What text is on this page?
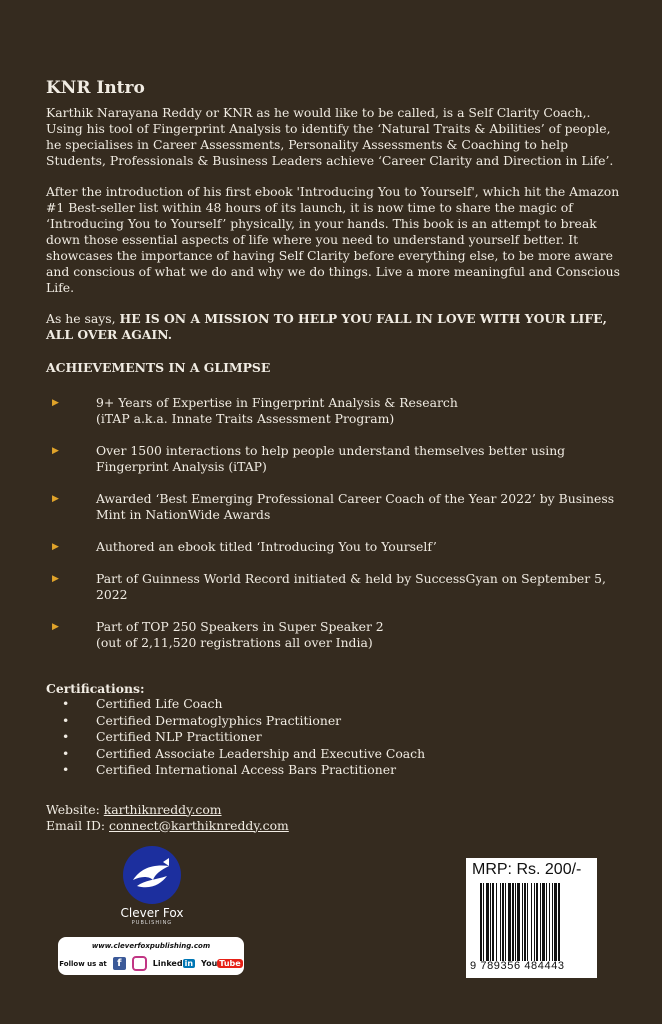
KNR Intro

Karthik Narayana Reddy or KNR as he would like to be called, is a Self Clarity Coach,. Using his tool of Fingerprint Analysis to identify the ‘Natural Traits & Abilities’ of people, he specialises in Career Assessments, Personality Assessments & Coaching to help Students, Professionals & Business Leaders achieve ‘Career Clarity and Direction in Life’.

After the introduction of his first ebook 'Introducing You to Yourself', which hit the Amazon #1 Best-seller list within 48 hours of its launch, it is now time to share the magic of ‘Introducing You to Yourself’ physically, in your hands. This book is an attempt to break down those essential aspects of life where you need to understand yourself better. It showcases the importance of having Self Clarity before everything else, to be more aware and conscious of what we do and why we do things. Live a more meaningful and Conscious Life.

As he says, HE IS ON A MISSION TO HELP YOU FALL IN LOVE WITH YOUR LIFE, ALL OVER AGAIN.

ACHIEVEMENTS IN A GLIMPSE
▶	9+ Years of Expertise in Fingerprint Analysis & Research
(iTAP a.k.a. Innate Traits Assessment Program)
▶	Over 1500 interactions to help people understand themselves better using
Fingerprint Analysis (iTAP)
▶	Awarded ‘Best Emerging Professional Career Coach of the Year 2022’ by Business
Mint in NationWide Awards
▶	Authored an ebook titled ‘Introducing You to Yourself’
▶	Part of Guinness World Record initiated & held by SuccessGyan on September 5, 2022
▶	Part of TOP 250 Speakers in Super Speaker 2
(out of 2,11,520 registrations all over India)
Certifications:
• Certified Life Coach
• Certified Dermatoglyphics Practitioner
• Certified NLP Practitioner
• Certified Associate Leadership and Executive Coach
• Certified International Access Bars Practitioner
Website: karthiknreddy.com
Email ID: connect@karthiknreddy.com
Clever Fox
PUBLISHING
www.cleverfoxpublishing.com
Follow us at	f	Linked in You Tube
MRP: Rs. 200/-
9 789356 484443
